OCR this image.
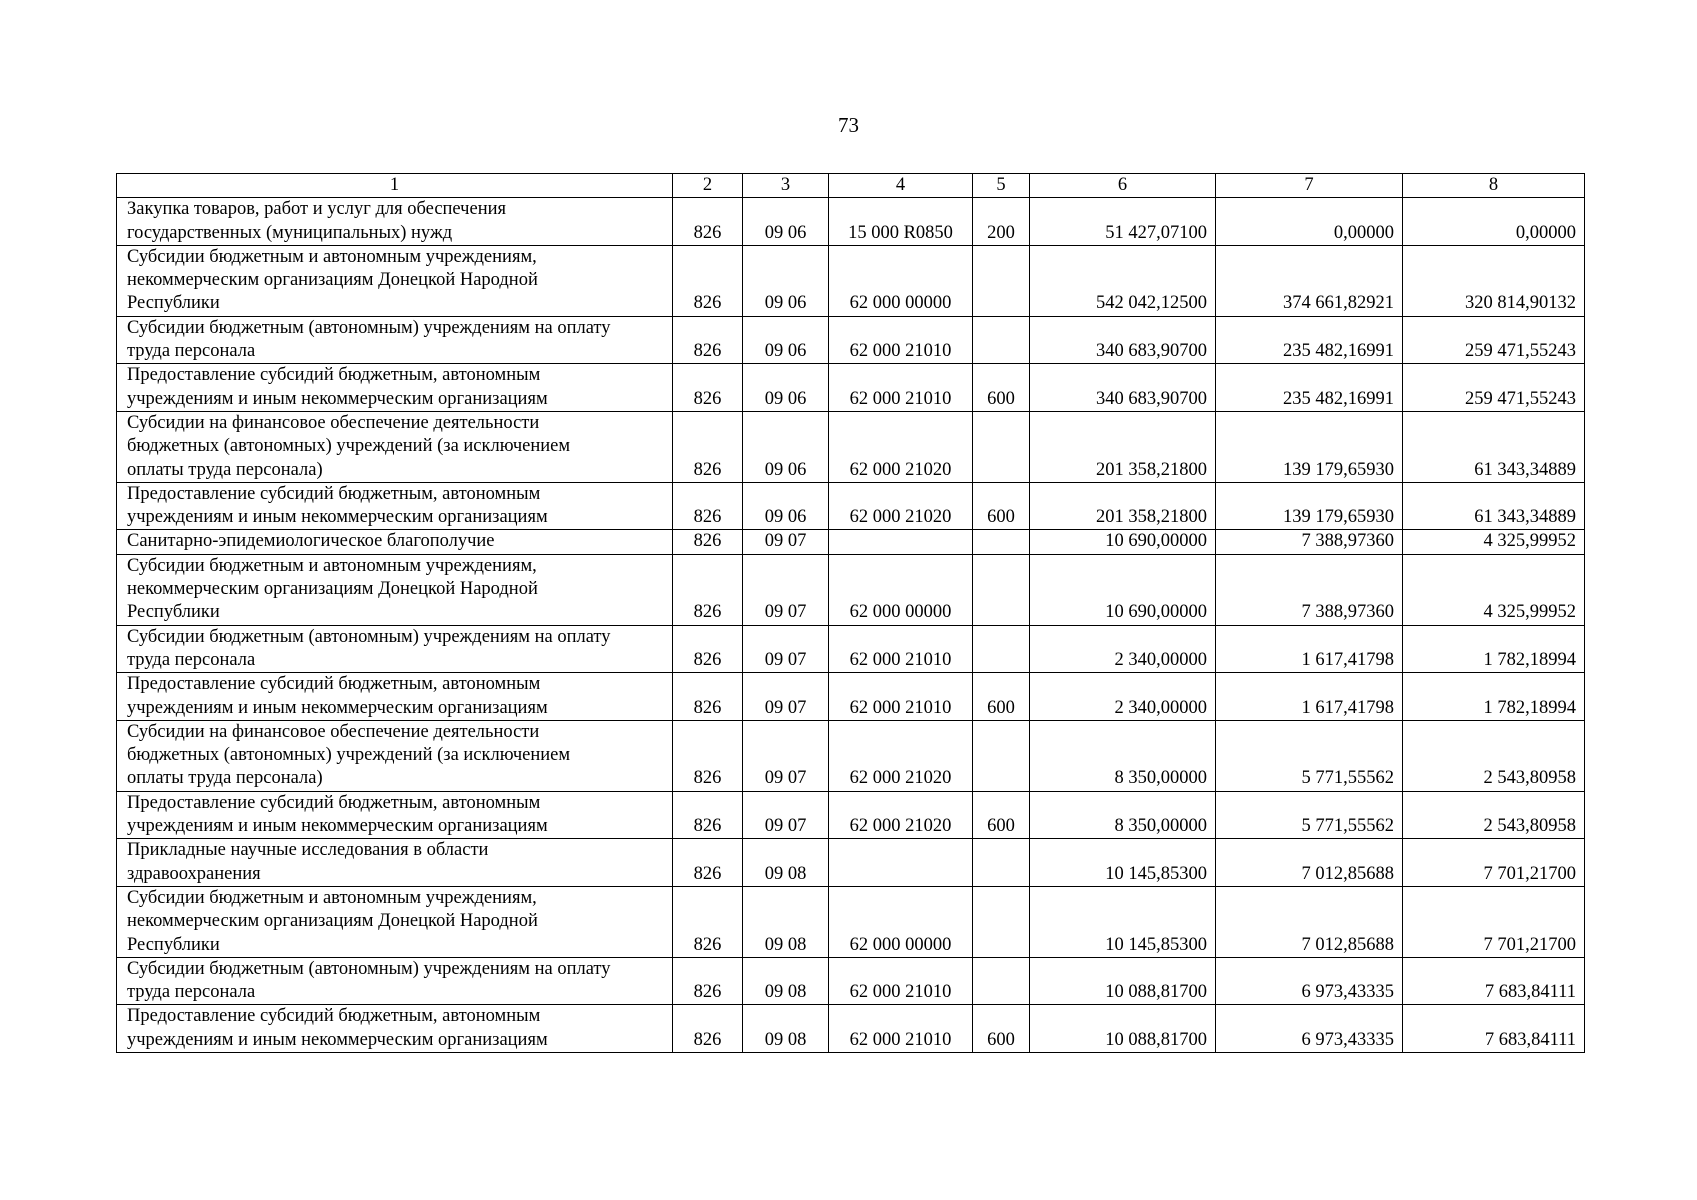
73
1	2	3	4	5	6	7	8
Закупка товаров, работ и услуг для обеспечения
государственных (муниципальных) нужд	826	09 06	15 000 R0850	200	51 427,07100	0,00000	0,00000
Субсидии бюджетным и автономным учреждениям,
некоммерческим организациям Донецкой Народной
Республики	826	09 06	62 000 00000		542 042,12500	374 661,82921	320 814,90132
Субсидии бюджетным (автономным) учреждениям на оплату
труда персонала	826	09 06	62 000 21010		340 683,90700	235 482,16991	259 471,55243
Предоставление субсидий бюджетным, автономным
учреждениям и иным некоммерческим организациям	826	09 06	62 000 21010	600	340 683,90700	235 482,16991	259 471,55243
Субсидии на финансовое обеспечение деятельности
бюджетных (автономных) учреждений (за исключением
оплаты труда персонала)	826	09 06	62 000 21020		201 358,21800	139 179,65930	61 343,34889
Предоставление субсидий бюджетным, автономным
учреждениям и иным некоммерческим организациям	826	09 06	62 000 21020	600	201 358,21800	139 179,65930	61 343,34889
Санитарно-эпидемиологическое благополучие	826	09 07			10 690,00000	7 388,97360	4 325,99952
Субсидии бюджетным и автономным учреждениям,
некоммерческим организациям Донецкой Народной
Республики	826	09 07	62 000 00000		10 690,00000	7 388,97360	4 325,99952
Субсидии бюджетным (автономным) учреждениям на оплату
труда персонала	826	09 07	62 000 21010		2 340,00000	1 617,41798	1 782,18994
Предоставление субсидий бюджетным, автономным
учреждениям и иным некоммерческим организациям	826	09 07	62 000 21010	600	2 340,00000	1 617,41798	1 782,18994
Субсидии на финансовое обеспечение деятельности
бюджетных (автономных) учреждений (за исключением
оплаты труда персонала)	826	09 07	62 000 21020		8 350,00000	5 771,55562	2 543,80958
Предоставление субсидий бюджетным, автономным
учреждениям и иным некоммерческим организациям	826	09 07	62 000 21020	600	8 350,00000	5 771,55562	2 543,80958
Прикладные научные исследования в области
здравоохранения	826	09 08			10 145,85300	7 012,85688	7 701,21700
Субсидии бюджетным и автономным учреждениям,
некоммерческим организациям Донецкой Народной
Республики	826	09 08	62 000 00000		10 145,85300	7 012,85688	7 701,21700
Субсидии бюджетным (автономным) учреждениям на оплату
труда персонала	826	09 08	62 000 21010		10 088,81700	6 973,43335	7 683,84111
Предоставление субсидий бюджетным, автономным
учреждениям и иным некоммерческим организациям	826	09 08	62 000 21010	600	10 088,81700	6 973,43335	7 683,84111
